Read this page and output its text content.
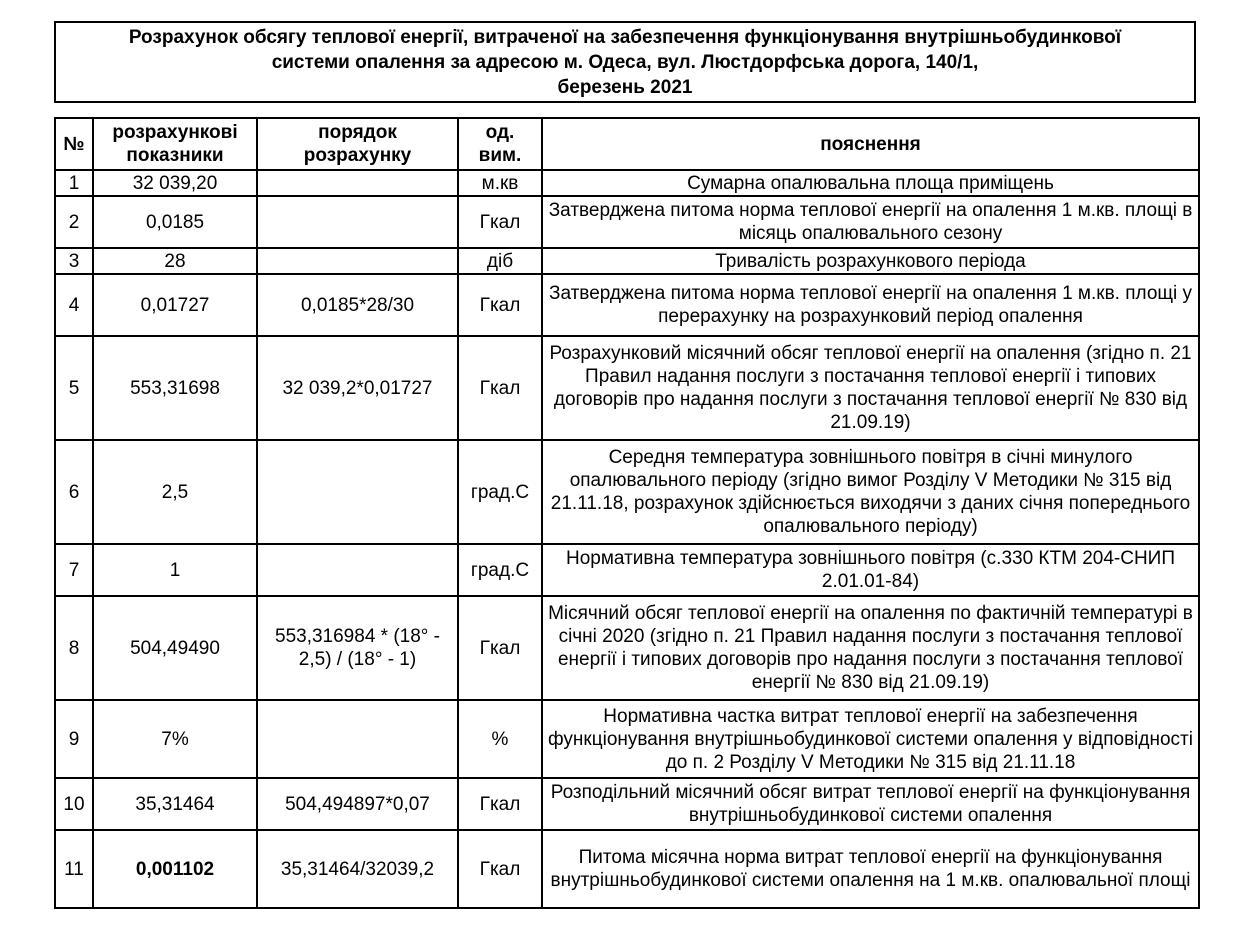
Розрахунок обсягу теплової енергії, витраченої на забезпечення функціонування внутрішньобудинкової
системи опалення за адресою м. Одеса, вул. Люстдорфська дорога, 140/1,
березень 2021
№	розрахункові показники	порядок розрахунку	од. вим.	пояснення
1	32 039,20		м.кв	Сумарна опалювальна площа приміщень
2	0,0185		Гкал	Затверджена питома норма теплової енергії на опалення 1 м.кв. площі в місяць опалювального сезону
3	28		діб	Тривалість розрахункового періода
4	0,01727	0,0185*28/30	Гкал	Затверджена питома норма теплової енергії на опалення 1 м.кв. площі у перерахунку на розрахунковий період опалення
5	553,31698	32 039,2*0,01727	Гкал	Розрахунковий місячний обсяг теплової енергії на опалення (згідно п. 21 Правил надання послуги з постачання теплової енергії і типових договорів про надання послуги з постачання теплової енергії № 830 від 21.09.19)
6	2,5		град.С	Середня температура зовнішнього повітря в січні минулого опалювального періоду (згідно вимог Розділу V Методики № 315 від 21.11.18, розрахунок здійснюється виходячи з даних січня попереднього опалювального періоду)
7	1		град.С	Нормативна температура зовнішнього повітря (с.330 КТМ 204-СНИП 2.01.01-84)
8	504,49490	553,316984 * (18° - 2,5) / (18° - 1)	Гкал	Місячний обсяг теплової енергії на опалення по фактичній температурі в січні 2020 (згідно п. 21 Правил надання послуги з постачання теплової енергії і типових договорів про надання послуги з постачання теплової енергії № 830 від 21.09.19)
9	7%		%	Нормативна частка витрат теплової енергії на забезпечення функціонування внутрішньобудинкової системи опалення у відповідності до п. 2 Розділу V Методики № 315 від 21.11.18
10	35,31464	504,494897*0,07	Гкал	Розподільний місячний обсяг витрат теплової енергії на функціонування внутрішньобудинкової системи опалення
11	0,001102	35,31464/32039,2	Гкал	Питома місячна норма витрат теплової енергії на функціонування внутрішньобудинкової системи опалення на 1 м.кв. опалювальної площі
